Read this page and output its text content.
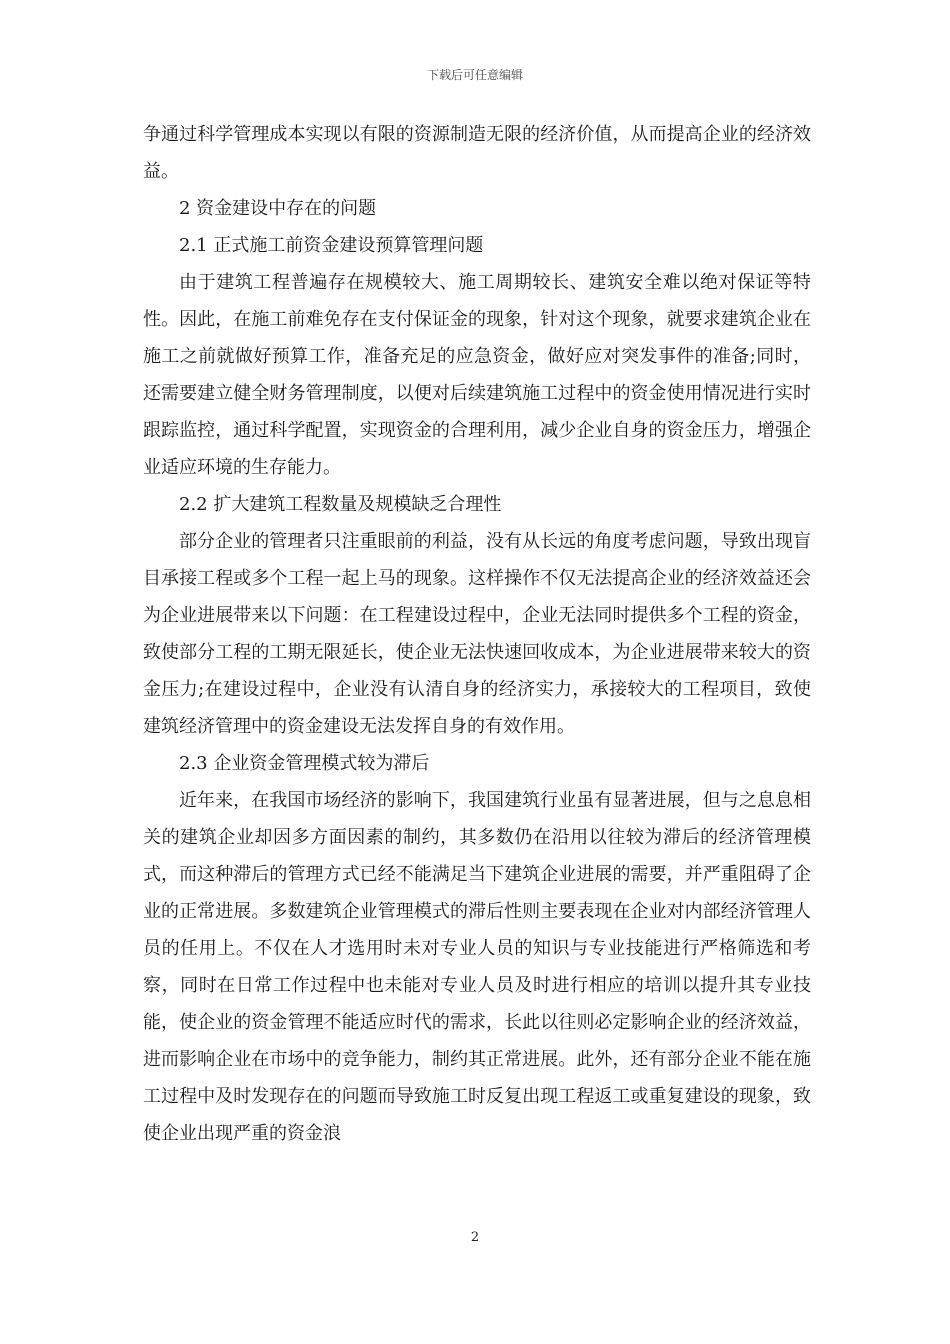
下载后可任意编辑

争通过科学管理成本实现以有限的资源制造无限的经济价值，从而提高企业的经济效益。

2 资金建设中存在的问题

2.1 正式施工前资金建设预算管理问题

由于建筑工程普遍存在规模较大、施工周期较长、建筑安全难以绝对保证等特性。因此，在施工前难免存在支付保证金的现象，针对这个现象，就要求建筑企业在施工之前就做好预算工作，准备充足的应急资金，做好应对突发事件的准备;同时，还需要建立健全财务管理制度，以便对后续建筑施工过程中的资金使用情况进行实时跟踪监控，通过科学配置，实现资金的合理利用，减少企业自身的资金压力，增强企业适应环境的生存能力。

2.2 扩大建筑工程数量及规模缺乏合理性

部分企业的管理者只注重眼前的利益，没有从长远的角度考虑问题，导致出现盲目承接工程或多个工程一起上马的现象。这样操作不仅无法提高企业的经济效益还会为企业进展带来以下问题：在工程建设过程中，企业无法同时提供多个工程的资金，致使部分工程的工期无限延长，使企业无法快速回收成本，为企业进展带来较大的资金压力;在建设过程中，企业没有认清自身的经济实力，承接较大的工程项目，致使建筑经济管理中的资金建设无法发挥自身的有效作用。

2.3 企业资金管理模式较为滞后

近年来，在我国市场经济的影响下，我国建筑行业虽有显著进展，但与之息息相关的建筑企业却因多方面因素的制约，其多数仍在沿用以往较为滞后的经济管理模式，而这种滞后的管理方式已经不能满足当下建筑企业进展的需要，并严重阻碍了企业的正常进展。多数建筑企业管理模式的滞后性则主要表现在企业对内部经济管理人员的任用上。不仅在人才选用时未对专业人员的知识与专业技能进行严格筛选和考察，同时在日常工作过程中也未能对专业人员及时进行相应的培训以提升其专业技能，使企业的资金管理不能适应时代的需求，长此以往则必定影响企业的经济效益，进而影响企业在市场中的竞争能力，制约其正常进展。此外，还有部分企业不能在施工过程中及时发现存在的问题而导致施工时反复出现工程返工或重复建设的现象，致使企业出现严重的资金浪

2
